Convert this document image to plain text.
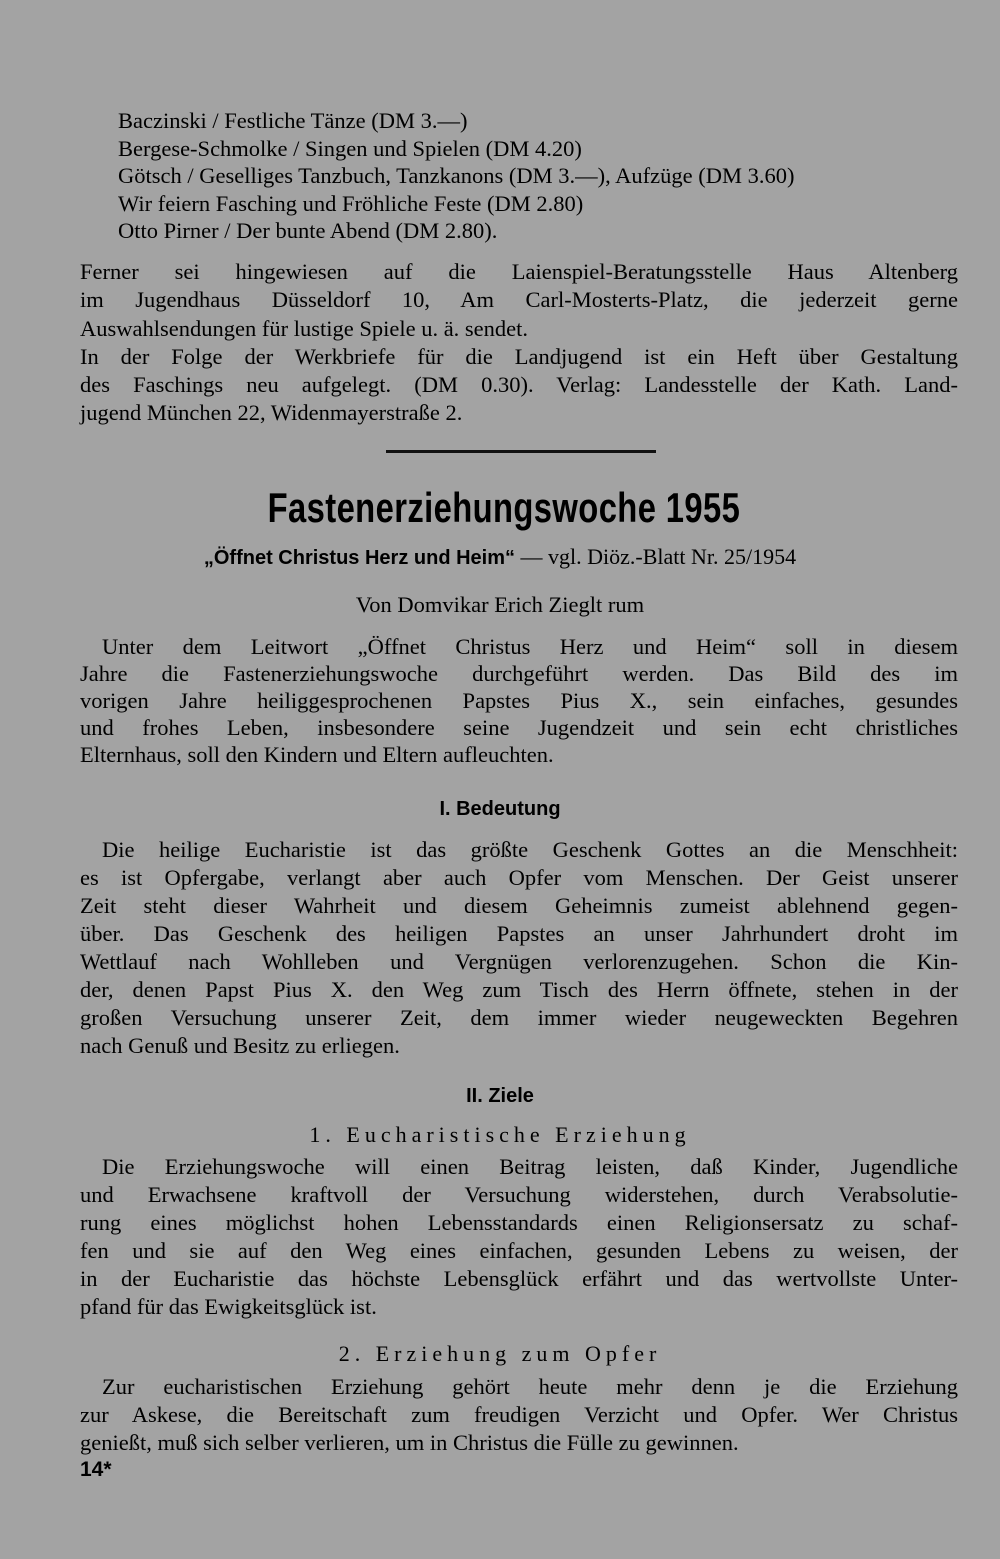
Baczinski / Festliche Tänze (DM 3.—)
Bergese-Schmolke / Singen und Spielen (DM 4.20)
Götsch / Geselliges Tanzbuch, Tanzkanons (DM 3.—), Aufzüge (DM 3.60)
Wir feiern Fasching und Fröhliche Feste (DM 2.80)
Otto Pirner / Der bunte Abend (DM 2.80).
Ferner sei hingewiesen auf die Laienspiel-Beratungsstelle Haus Altenberg
im Jugendhaus Düsseldorf 10, Am Carl-Mosterts-Platz, die jederzeit gerne
Auswahlsendungen für lustige Spiele u. ä. sendet.
In der Folge der Werkbriefe für die Landjugend ist ein Heft über Gestaltung
des Faschings neu aufgelegt. (DM 0.30). Verlag: Landesstelle der Kath. Land-
jugend München 22, Widenmayerstraße 2.
Fastenerziehungswoche 1955
„Öffnet Christus Herz und Heim“ — vgl. Diöz.-Blatt Nr. 25/1954
Von Domvikar Erich Zieglt rum
Unter dem Leitwort „Öffnet Christus Herz und Heim“ soll in diesem
Jahre die Fastenerziehungswoche durchgeführt werden. Das Bild des im
vorigen Jahre heiliggesprochenen Papstes Pius X., sein einfaches, gesundes
und frohes Leben, insbesondere seine Jugendzeit und sein echt christliches
Elternhaus, soll den Kindern und Eltern aufleuchten.
I. Bedeutung
Die heilige Eucharistie ist das größte Geschenk Gottes an die Menschheit:
es ist Opfergabe, verlangt aber auch Opfer vom Menschen. Der Geist unserer
Zeit steht dieser Wahrheit und diesem Geheimnis zumeist ablehnend gegen-
über. Das Geschenk des heiligen Papstes an unser Jahrhundert droht im
Wettlauf nach Wohlleben und Vergnügen verlorenzugehen. Schon die Kin-
der, denen Papst Pius X. den Weg zum Tisch des Herrn öffnete, stehen in der
großen Versuchung unserer Zeit, dem immer wieder neugeweckten Begehren
nach Genuß und Besitz zu erliegen.
II. Ziele
1. Eucharistische Erziehung
Die Erziehungswoche will einen Beitrag leisten, daß Kinder, Jugendliche
und Erwachsene kraftvoll der Versuchung widerstehen, durch Verabsolutie-
rung eines möglichst hohen Lebensstandards einen Religionsersatz zu schaf-
fen und sie auf den Weg eines einfachen, gesunden Lebens zu weisen, der
in der Eucharistie das höchste Lebensglück erfährt und das wertvollste Unter-
pfand für das Ewigkeitsglück ist.
2. Erziehung zum Opfer
Zur eucharistischen Erziehung gehört heute mehr denn je die Erziehung
zur Askese, die Bereitschaft zum freudigen Verzicht und Opfer. Wer Christus
genießt, muß sich selber verlieren, um in Christus die Fülle zu gewinnen.
14*
